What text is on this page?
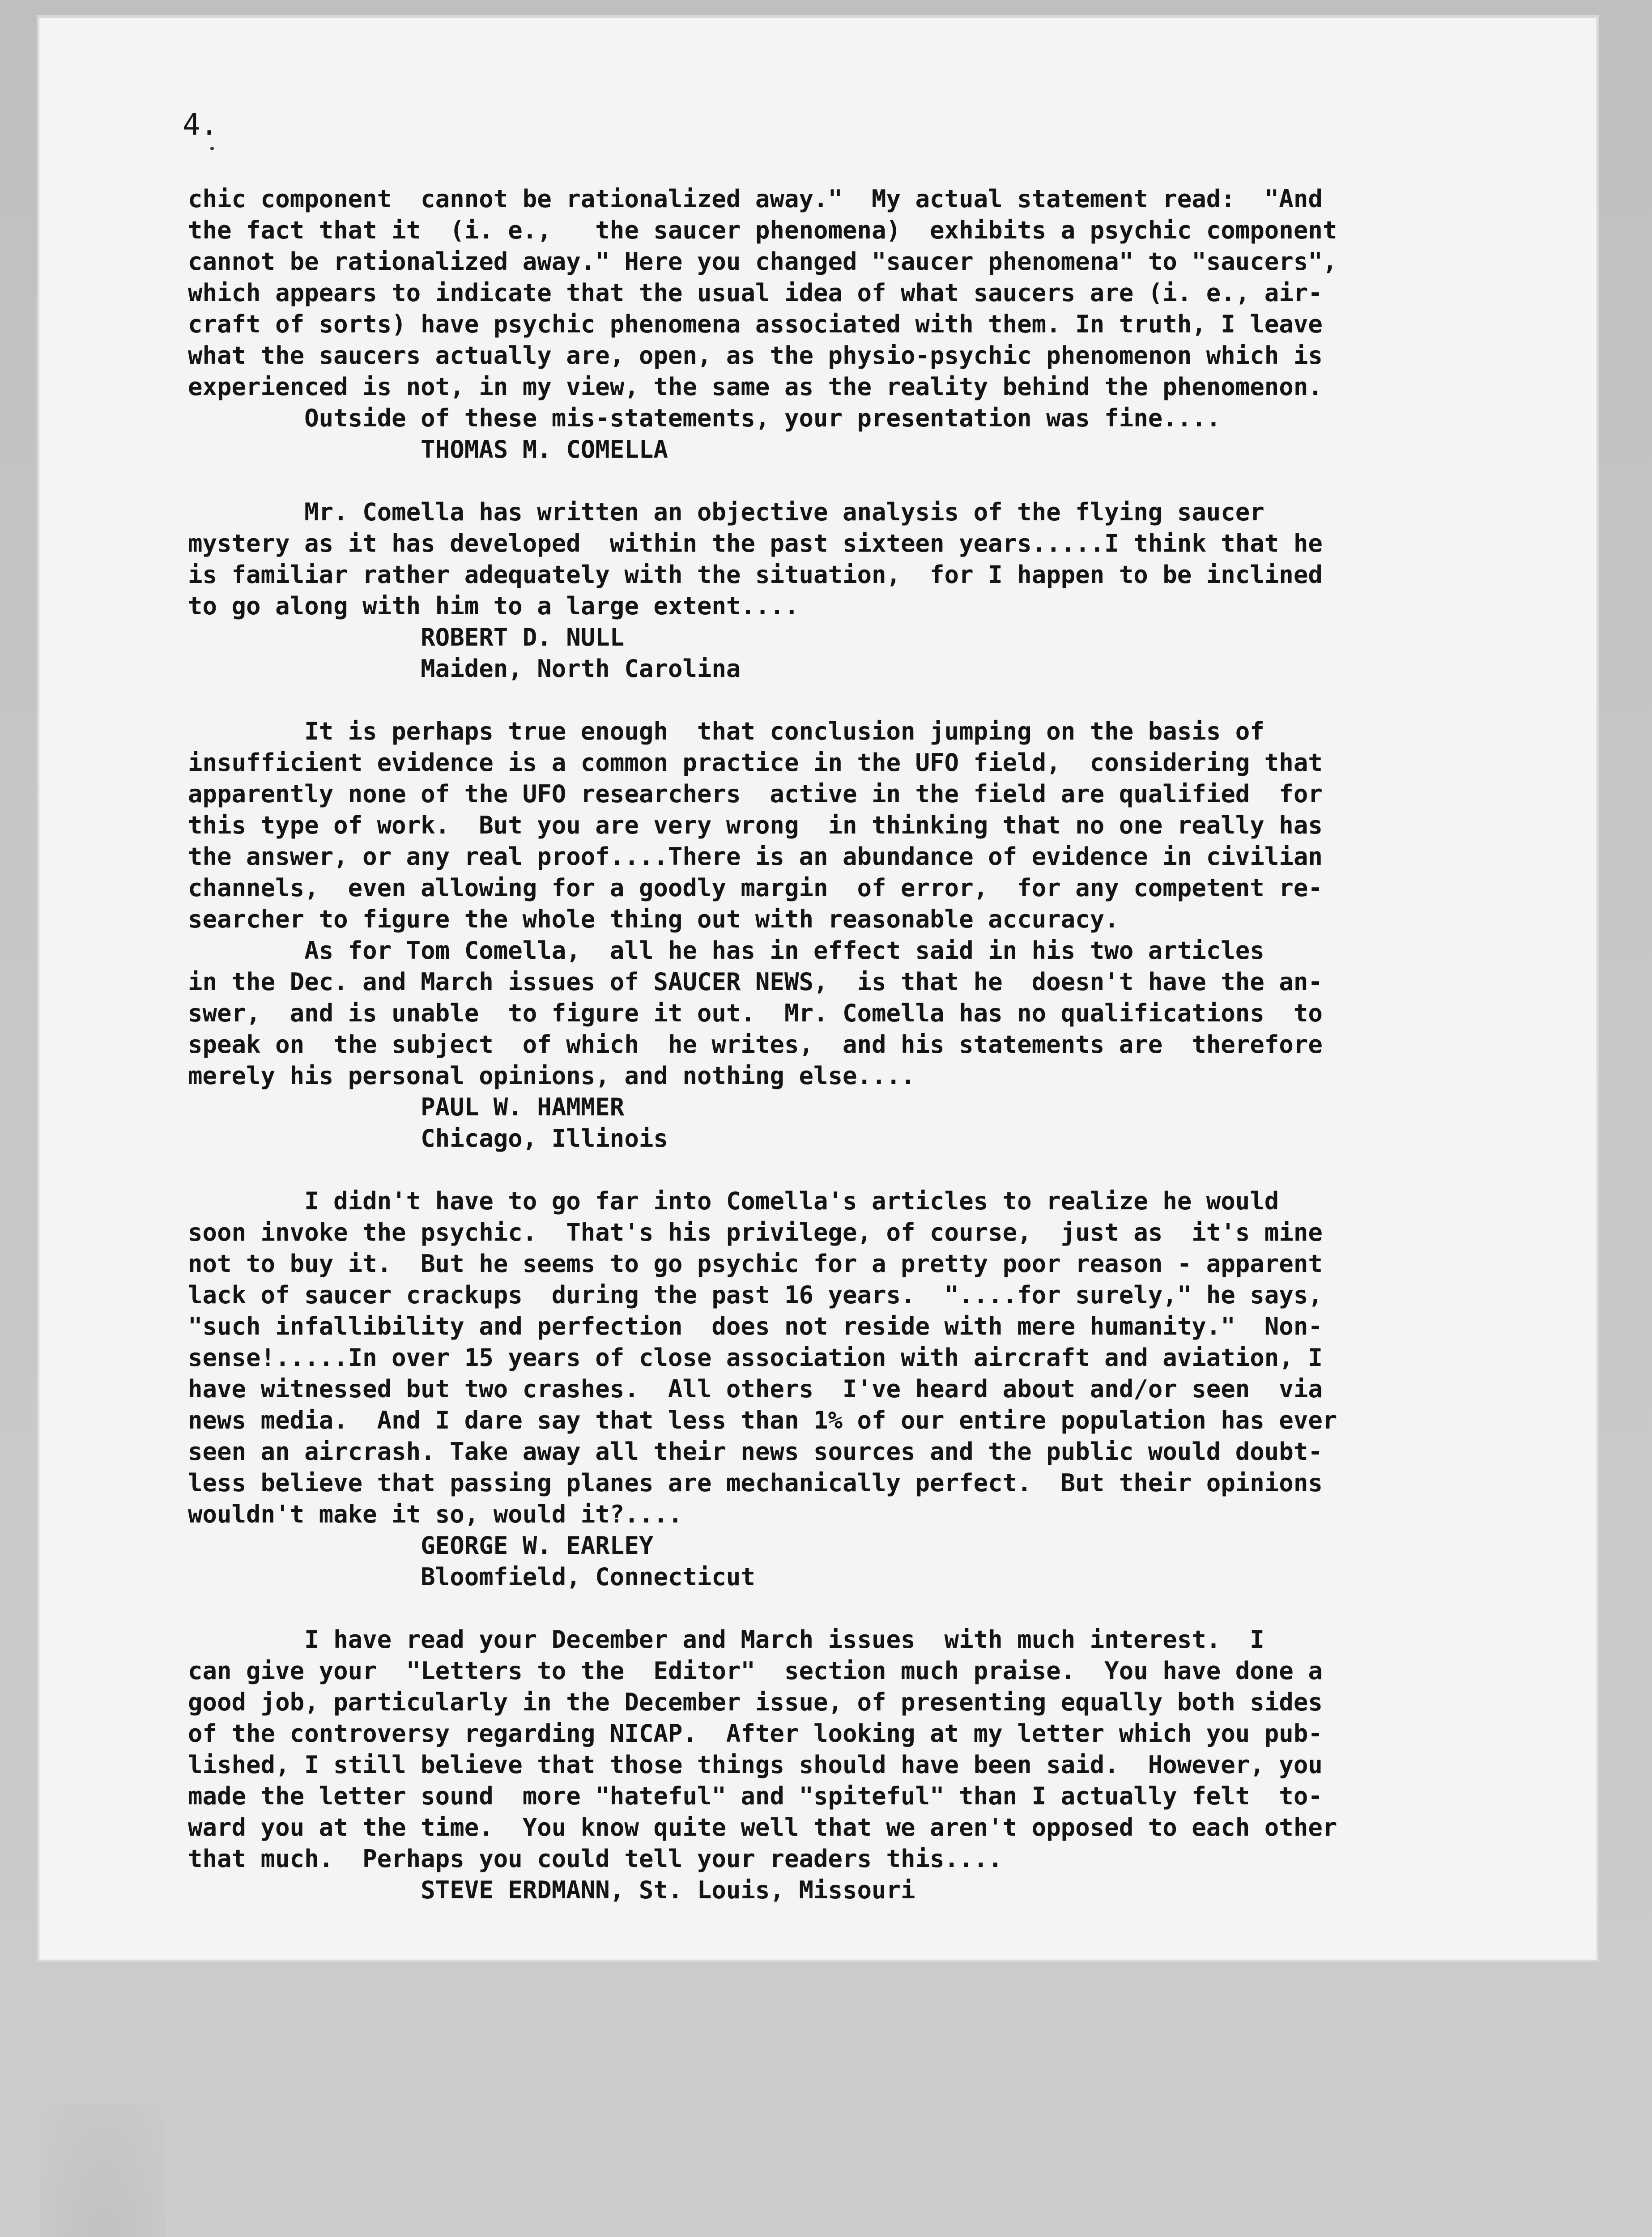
4.
chic component  cannot be rationalized away."  My actual statement read:  "And
the fact that it  (i. e.,   the saucer phenomena)  exhibits a psychic component
cannot be rationalized away." Here you changed "saucer phenomena" to "saucers",
which appears to indicate that the usual idea of what saucers are (i. e., air-
craft of sorts) have psychic phenomena associated with them. In truth, I leave
what the saucers actually are, open, as the physio-psychic phenomenon which is
experienced is not, in my view, the same as the reality behind the phenomenon.
Outside of these mis-statements, your presentation was fine....
THOMAS M. COMELLA
Mr. Comella has written an objective analysis of the flying saucer
mystery as it has developed  within the past sixteen years.....I think that he
is familiar rather adequately with the situation,  for I happen to be inclined
to go along with him to a large extent....
ROBERT D. NULL
Maiden, North Carolina
It is perhaps true enough  that conclusion jumping on the basis of
insufficient evidence is a common practice in the UFO field,  considering that
apparently none of the UFO researchers  active in the field are qualified  for
this type of work.  But you are very wrong  in thinking that no one really has
the answer, or any real proof....There is an abundance of evidence in civilian
channels,  even allowing for a goodly margin  of error,  for any competent re-
searcher to figure the whole thing out with reasonable accuracy.
As for Tom Comella,  all he has in effect said in his two articles
in the Dec. and March issues of SAUCER NEWS,  is that he  doesn't have the an-
swer,  and is unable  to figure it out.  Mr. Comella has no qualifications  to
speak on  the subject  of which  he writes,  and his statements are  therefore
merely his personal opinions, and nothing else....
PAUL W. HAMMER
Chicago, Illinois
I didn't have to go far into Comella's articles to realize he would
soon invoke the psychic.  That's his privilege, of course,  just as  it's mine
not to buy it.  But he seems to go psychic for a pretty poor reason - apparent
lack of saucer crackups  during the past 16 years.  "....for surely," he says,
"such infallibility and perfection  does not reside with mere humanity."  Non-
sense!.....In over 15 years of close association with aircraft and aviation, I
have witnessed but two crashes.  All others  I've heard about and/or seen  via
news media.  And I dare say that less than 1% of our entire population has ever
seen an aircrash. Take away all their news sources and the public would doubt-
less believe that passing planes are mechanically perfect.  But their opinions
wouldn't make it so, would it?....
GEORGE W. EARLEY
Bloomfield, Connecticut
I have read your December and March issues  with much interest.  I
can give your  "Letters to the  Editor"  section much praise.  You have done a
good job, particularly in the December issue, of presenting equally both sides
of the controversy regarding NICAP.  After looking at my letter which you pub-
lished, I still believe that those things should have been said.  However, you
made the letter sound  more "hateful" and "spiteful" than I actually felt  to-
ward you at the time.  You know quite well that we aren't opposed to each other
that much.  Perhaps you could tell your readers this....
STEVE ERDMANN, St. Louis, Missouri
